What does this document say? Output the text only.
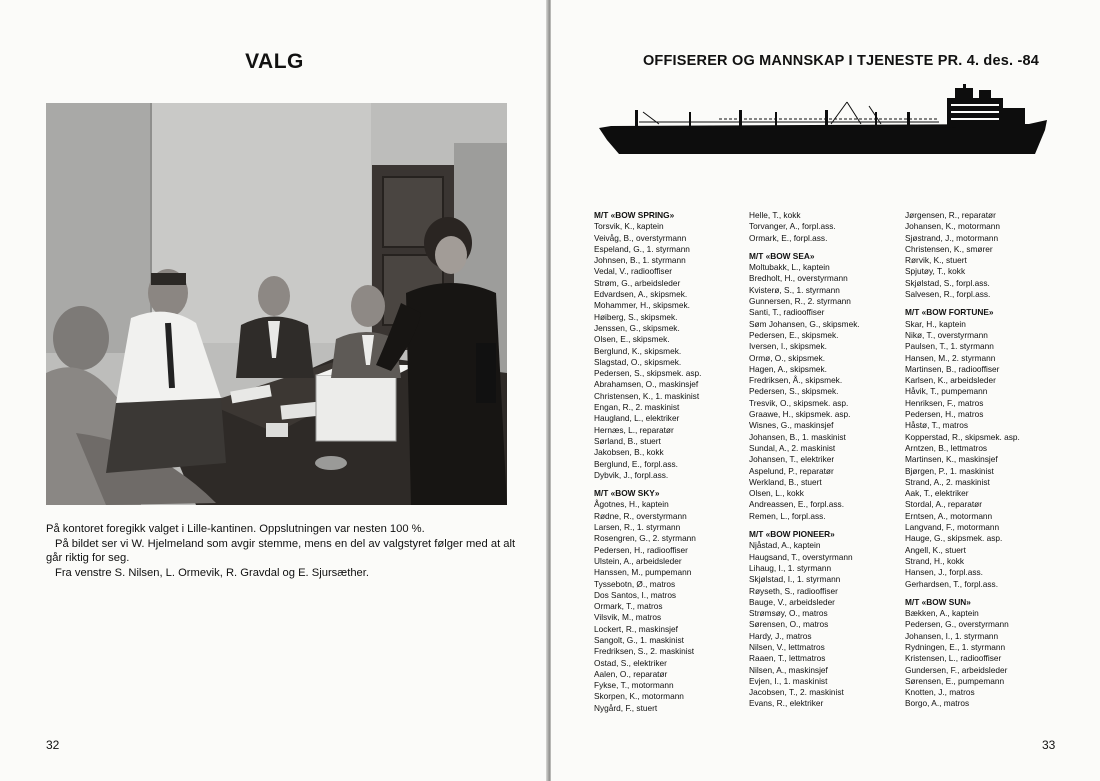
VALG

På kontoret foregikk valget i Lille-kantinen. Oppslutningen var nesten 100 %.

På bildet ser vi W. Hjelmeland som avgir stemme, mens en del av valgstyret følger med at alt går riktig for seg.

Fra venstre S. Nilsen, L. Ormevik, R. Gravdal og E. Sjursæther.

32
OFFISERER OG MANNSKAP I TJENESTE PR. 4. des. -84
M/T «BOW SPRING»
Torsvik, K., kaptein
Veivåg, B., overstyrmann
Espeland, G., 1. styrmann
Johnsen, B., 1. styrmann
Vedal, V., radiooffiser
Strøm, G., arbeidsleder
Edvardsen, A., skipsmek.
Mohammer, H., skipsmek.
Høiberg, S., skipsmek.
Jenssen, G., skipsmek.
Olsen, E., skipsmek.
Berglund, K., skipsmek.
Slagstad, O., skipsmek.
Pedersen, S., skipsmek. asp.
Abrahamsen, O., maskinsjef
Christensen, K., 1. maskinist
Engan, R., 2. maskinist
Haugland, L., elektriker
Hernæs, L., reparatør
Sørland, B., stuert
Jakobsen, B., kokk
Berglund, E., forpl.ass.
Dybvik, J., forpl.ass.
M/T «BOW SKY»
Ågotnes, H., kaptein
Rødne, R., overstyrmann
Larsen, R., 1. styrmann
Rosengren, G., 2. styrmann
Pedersen, H., radiooffiser
Ulstein, A., arbeidsleder
Hanssen, M., pumpemann
Tyssebotn, Ø., matros
Dos Santos, I., matros
Ormark, T., matros
Vilsvik, M., matros
Lockert, R., maskinsjef
Sangolt, G., 1. maskinist
Fredriksen, S., 2. maskinist
Ostad, S., elektriker
Aalen, O., reparatør
Fykse, T., motormann
Skorpen, K., motormann
Nygård, F., stuert
Helle, T., kokk
Torvanger, A., forpl.ass.
Ormark, E., forpl.ass.
M/T «BOW SEA»
Moltubakk, L., kaptein
Bredholt, H., overstyrmann
Kvisterø, S., 1. styrmann
Gunnersen, R., 2. styrmann
Santi, T., radiooffiser
Søm Johansen, G., skipsmek.
Pedersen, E., skipsmek.
Iversen, I., skipsmek.
Ormø, O., skipsmek.
Hagen, A., skipsmek.
Fredriksen, Å., skipsmek.
Pedersen, S., skipsmek.
Tresvik, O., skipsmek. asp.
Graawe, H., skipsmek. asp.
Wisnes, G., maskinsjef
Johansen, B., 1. maskinist
Sundal, A., 2. maskinist
Johansen, T., elektriker
Aspelund, P., reparatør
Werkland, B., stuert
Olsen, L., kokk
Andreassen, E., forpl.ass.
Remen, L., forpl.ass.
M/T «BOW PIONEER»
Njåstad, A., kaptein
Haugsand, T., overstyrmann
Lihaug, I., 1. styrmann
Skjølstad, I., 1. styrmann
Røyseth, S., radiooffiser
Bauge, V., arbeidsleder
Strømsøy, O., matros
Sørensen, O., matros
Hardy, J., matros
Nilsen, V., lettmatros
Raaen, T., lettmatros
Nilsen, A., maskinsjef
Evjen, I., 1. maskinist
Jacobsen, T., 2. maskinist
Evans, R., elektriker
Jørgensen, R., reparatør
Johansen, K., motormann
Sjøstrand, J., motormann
Christensen, K., smører
Rørvik, K., stuert
Spjutøy, T., kokk
Skjølstad, S., forpl.ass.
Salvesen, R., forpl.ass.
M/T «BOW FORTUNE»
Skar, H., kaptein
Nikø, T., overstyrmann
Paulsen, T., 1. styrmann
Hansen, M., 2. styrmann
Martinsen, B., radiooffiser
Karlsen, K., arbeidsleder
Håvik, T., pumpemann
Henriksen, F., matros
Pedersen, H., matros
Håstø, T., matros
Kopperstad, R., skipsmek. asp.
Arntzen, B., lettmatros
Martinsen, K., maskinsjef
Bjørgen, P., 1. maskinist
Strand, A., 2. maskinist
Aak, T., elektriker
Stordal, A., reparatør
Erntsen, A., motormann
Langvand, F., motormann
Hauge, G., skipsmek. asp.
Angell, K., stuert
Strand, H., kokk
Hansen, J., forpl.ass.
Gerhardsen, T., forpl.ass.
M/T «BOW SUN»
Bækken, A., kaptein
Pedersen, G., overstyrmann
Johansen, I., 1. styrmann
Rydningen, E., 1. styrmann
Kristensen, L., radiooffiser
Gundersen, F., arbeidsleder
Sørensen, E., pumpemann
Knotten, J., matros
Borgo, A., matros
33
